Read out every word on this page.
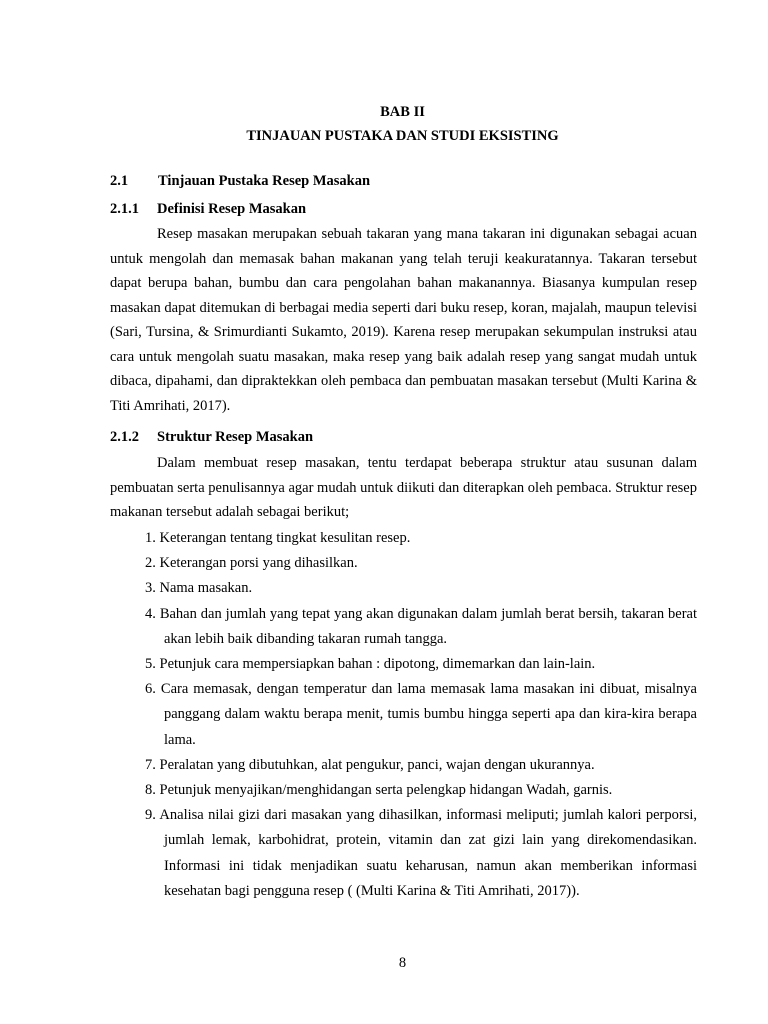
BAB II

TINJAUAN PUSTAKA DAN STUDI EKSISTING

2.1 Tinjauan Pustaka Resep Masakan
2.1.1 Definisi Resep Masakan

Resep masakan merupakan sebuah takaran yang mana takaran ini digunakan sebagai acuan untuk mengolah dan memasak bahan makanan yang telah teruji keakuratannya. Takaran tersebut dapat berupa bahan, bumbu dan cara pengolahan bahan makanannya. Biasanya kumpulan resep masakan dapat ditemukan di berbagai media seperti dari buku resep, koran, majalah, maupun televisi (Sari, Tursina, & Srimurdianti Sukamto, 2019). Karena resep merupakan sekumpulan instruksi atau cara untuk mengolah suatu masakan, maka resep yang baik adalah resep yang sangat mudah untuk dibaca, dipahami, dan dipraktekkan oleh pembaca dan pembuatan masakan tersebut (Multi Karina & Titi Amrihati, 2017).

2.1.2 Struktur Resep Masakan

Dalam membuat resep masakan, tentu terdapat beberapa struktur atau susunan dalam pembuatan serta penulisannya agar mudah untuk diikuti dan diterapkan oleh pembaca. Struktur resep makanan tersebut adalah sebagai berikut;

1. Keterangan tentang tingkat kesulitan resep.
2. Keterangan porsi yang dihasilkan.
3. Nama masakan.
4. Bahan dan jumlah yang tepat yang akan digunakan dalam jumlah berat bersih, takaran berat akan lebih baik dibanding takaran rumah tangga.
5. Petunjuk cara mempersiapkan bahan : dipotong, dimemarkan dan lain-lain.
6. Cara memasak, dengan temperatur dan lama memasak lama masakan ini dibuat, misalnya panggang dalam waktu berapa menit, tumis bumbu hingga seperti apa dan kira-kira berapa lama.
7. Peralatan yang dibutuhkan, alat pengukur, panci, wajan dengan ukurannya.
8. Petunjuk menyajikan/menghidangan serta pelengkap hidangan Wadah, garnis.
9. Analisa nilai gizi dari masakan yang dihasilkan, informasi meliputi; jumlah kalori perporsi, jumlah lemak, karbohidrat, protein, vitamin dan zat gizi lain yang direkomendasikan. Informasi ini tidak menjadikan suatu keharusan, namun akan memberikan informasi kesehatan bagi pengguna resep ( (Multi Karina & Titi Amrihati, 2017)).

8
